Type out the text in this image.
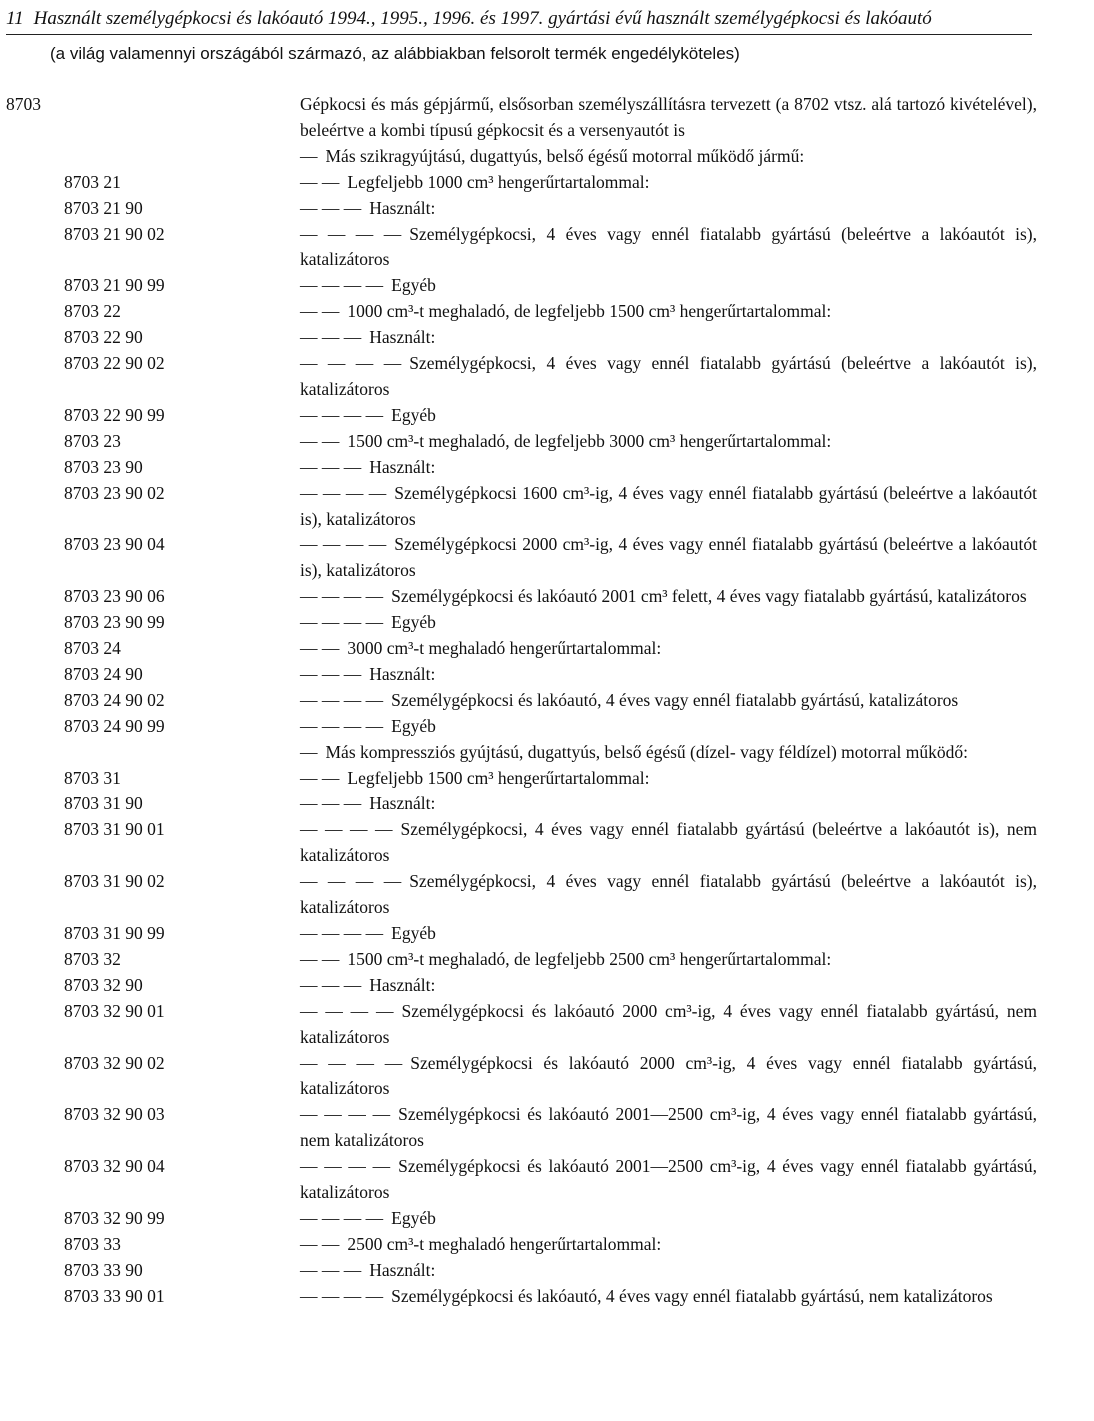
11 Használt személygépkocsi és lakóautó 1994., 1995., 1996. és 1997. gyártási évű használt személygépkocsi és lakóautó
(a világ valamennyi országából származó, az alábbiakban felsorolt termék engedélyköteles)
8703	Gépkocsi és más gépjármű, elsősorban személyszállításra tervezett (a 8702 vtsz. alá tartozó kivételével), beleértve a kombi típusú gépkocsit és a versenyautót is
— Más szikragyújtású, dugattyús, belső égésű motorral működő jármű:
8703 21	— — Legfeljebb 1000 cm³ hengerűrtartalommal:
8703 21 90	— — — Használt:
8703 21 90 02	— — — — Személygépkocsi, 4 éves vagy ennél fiatalabb gyártású (beleértve a lakóautót is), katalizátoros
8703 21 90 99	— — — — Egyéb
8703 22	— — 1000 cm³-t meghaladó, de legfeljebb 1500 cm³ hengerűrtartalommal:
8703 22 90	— — — Használt:
8703 22 90 02	— — — — Személygépkocsi, 4 éves vagy ennél fiatalabb gyártású (beleértve a lakóautót is), katalizátoros
8703 22 90 99	— — — — Egyéb
8703 23	— — 1500 cm³-t meghaladó, de legfeljebb 3000 cm³ hengerűrtartalommal:
8703 23 90	— — — Használt:
8703 23 90 02	— — — — Személygépkocsi 1600 cm³-ig, 4 éves vagy ennél fiatalabb gyártású (beleértve a lakóautót is), katalizátoros
8703 23 90 04	— — — — Személygépkocsi 2000 cm³-ig, 4 éves vagy ennél fiatalabb gyártású (beleértve a lakóautót is), katalizátoros
8703 23 90 06	— — — — Személygépkocsi és lakóautó 2001 cm³ felett, 4 éves vagy fiatalabb gyártású, katalizátoros
8703 23 90 99	— — — — Egyéb
8703 24	— — 3000 cm³-t meghaladó hengerűrtartalommal:
8703 24 90	— — — Használt:
8703 24 90 02	— — — — Személygépkocsi és lakóautó, 4 éves vagy ennél fiatalabb gyártású, katalizátoros
8703 24 90 99	— — — — Egyéb
— Más kompressziós gyújtású, dugattyús, belső égésű (dízel- vagy féldízel) motorral működő:
8703 31	— — Legfeljebb 1500 cm³ hengerűrtartalommal:
8703 31 90	— — — Használt:
8703 31 90 01	— — — — Személygépkocsi, 4 éves vagy ennél fiatalabb gyártású (beleértve a lakóautót is), nem katalizátoros
8703 31 90 02	— — — — Személygépkocsi, 4 éves vagy ennél fiatalabb gyártású (beleértve a lakóautót is), katalizátoros
8703 31 90 99	— — — — Egyéb
8703 32	— — 1500 cm³-t meghaladó, de legfeljebb 2500 cm³ hengerűrtartalommal:
8703 32 90	— — — Használt:
8703 32 90 01	— — — — Személygépkocsi és lakóautó 2000 cm³-ig, 4 éves vagy ennél fiatalabb gyártású, nem katalizátoros
8703 32 90 02	— — — — Személygépkocsi és lakóautó 2000 cm³-ig, 4 éves vagy ennél fiatalabb gyártású, katalizátoros
8703 32 90 03	— — — — Személygépkocsi és lakóautó 2001—2500 cm³-ig, 4 éves vagy ennél fiatalabb gyártású, nem katalizátoros
8703 32 90 04	— — — — Személygépkocsi és lakóautó 2001—2500 cm³-ig, 4 éves vagy ennél fiatalabb gyártású, katalizátoros
8703 32 90 99	— — — — Egyéb
8703 33	— — 2500 cm³-t meghaladó hengerűrtartalommal:
8703 33 90	— — — Használt:
8703 33 90 01	— — — — Személygépkocsi és lakóautó, 4 éves vagy ennél fiatalabb gyártású, nem katalizátoros
